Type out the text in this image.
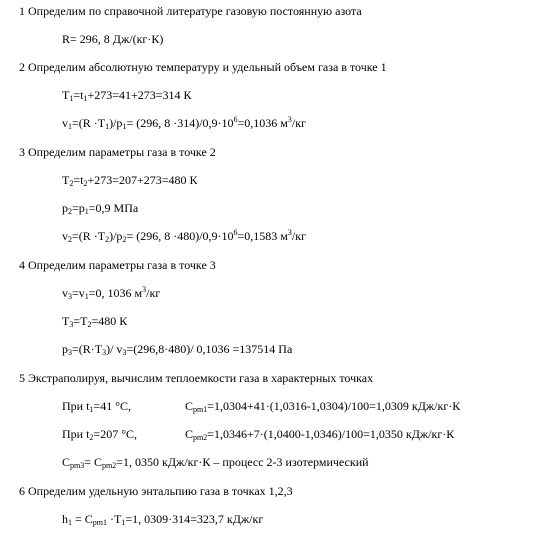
1 Определим по справочной литературе газовую постоянную азота
R= 296, 8 Дж/(кг·К)
2 Определим абсолютную температуру и удельный объем газа в точке 1
$T_1=t_1+273=41+273=314$ К
$v_1=(R \cdot T_1)/p_1= (296$, $8 \cdot 314)/0,9\cdot 10^6=0,1036$ $м^3/кг$
3 Определим параметры газа в точке 2
$T_2=t_2+273=207+273=480$ К
$p_2=p_1=0,9$ МПа
$v_2=(R \cdot T_2)/p_2= (296$, $8 \cdot 480)/0,9\cdot 10^6=0,1583$ $м^3/кг$
4 Определим параметры газа в точке 3
$v_3=v_1=0$, 1036 $м^3/кг$
$T_3=T_2=480$ К
$p_3=(R\cdot T_3)/$ $v_3=(296,8\cdot 480)/$ 0,1036 =137514 Па
5 Экстраполируя, вычислим теплоемкости газа в характерных точках
При $t_1=41$ °С,	$C_{pm1}=1,0304+41\cdot(1,0316-1,0304)/100=1,0309$ кДж/кг·К
При $t_2=207$ °С,	$C_{pm2}=1,0346+7\cdot(1,0400-1,0346)/100=1,0350$ кДж/кг·К
$C_{pm3}= C_{pm2}=1$, 0350 кДж/кг·К – процесс 2-3 изотермический
6 Определим удельную энтальпию газа в точках 1,2,3
$h_1 = C_{pm1} \cdot T_1=1$, 0309·314=323,7 кДж/кг
